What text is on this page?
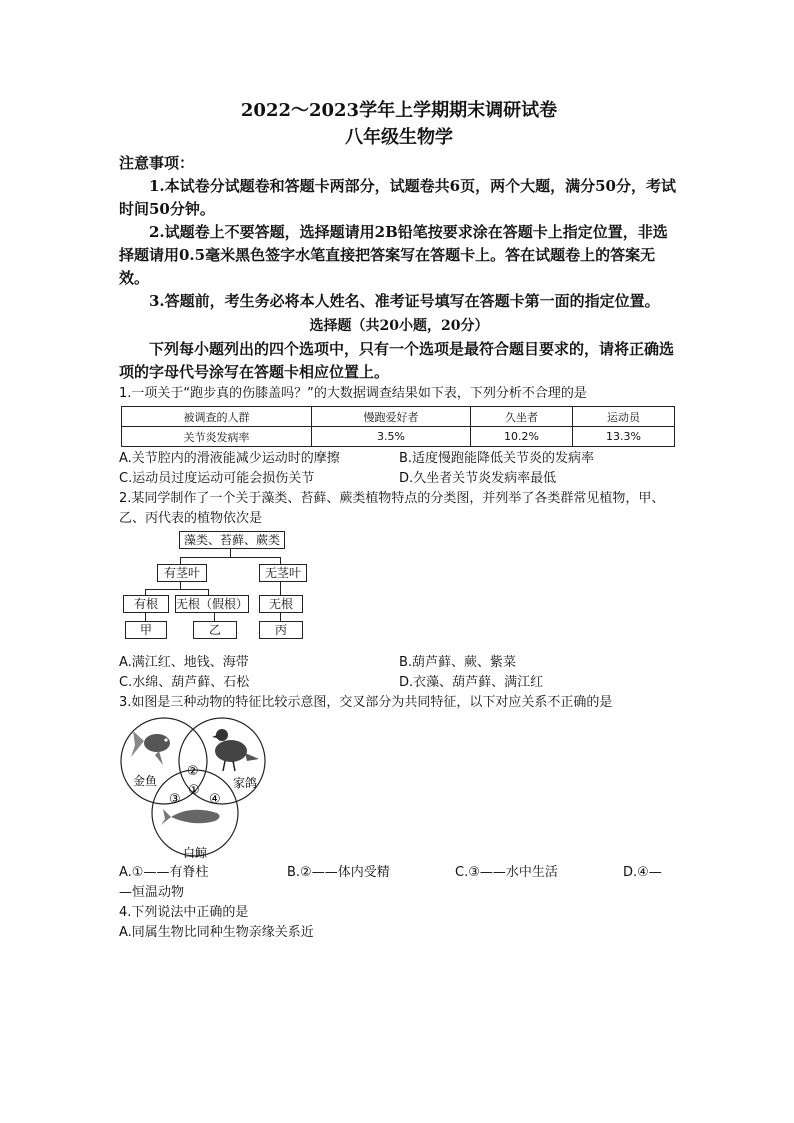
2022～2023学年上学期期末调研试卷
八年级生物学

注意事项：

1.本试卷分试题卷和答题卡两部分，试题卷共6页，两个大题，满分50分，考试时间50分钟。

2.试题卷上不要答题，选择题请用2B铅笔按要求涂在答题卡上指定位置，非选择题请用0.5毫米黑色签字水笔直接把答案写在答题卡上。答在试题卷上的答案无效。

3.答题前，考生务必将本人姓名、准考证号填写在答题卡第一面的指定位置。

选择题（共20小题，20分）

下列每小题列出的四个选项中，只有一个选项是最符合题目要求的，请将正确选项的字母代号涂写在答题卡相应位置上。

1.一项关于“跑步真的伤膝盖吗？”的大数据调查结果如下表，下列分析不合理的是

被调查的人群	慢跑爱好者	久坐者	运动员
关节炎发病率	3.5%	10.2%	13.3%
A.关节腔内的滑液能减少运动时的摩擦	B.适度慢跑能降低关节炎的发病率
C.运动员过度运动可能会损伤关节	D.久坐者关节炎发病率最低

2.某同学制作了一个关于藻类、苔藓、蕨类植物特点的分类图，并列举了各类群常见植物，甲、乙、丙代表的植物依次是

藻类、苔藓、蕨类
有茎叶	无茎叶
有根	无根（假根）	无根
甲	乙	丙
A.满江红、地钱、海带	B.葫芦藓、蕨、紫菜
C.水绵、葫芦藓、石松	D.衣藻、葫芦藓、满江红

3.如图是三种动物的特征比较示意图，交叉部分为共同特征，以下对应关系不正确的是

金鱼	家鸽
白鲸
②
①
③ ④
A.①——有脊柱	B.②——体内受精	C.③——水中生活	D.④—

—恒温动物

4.下列说法中正确的是

A.同属生物比同种生物亲缘关系近
